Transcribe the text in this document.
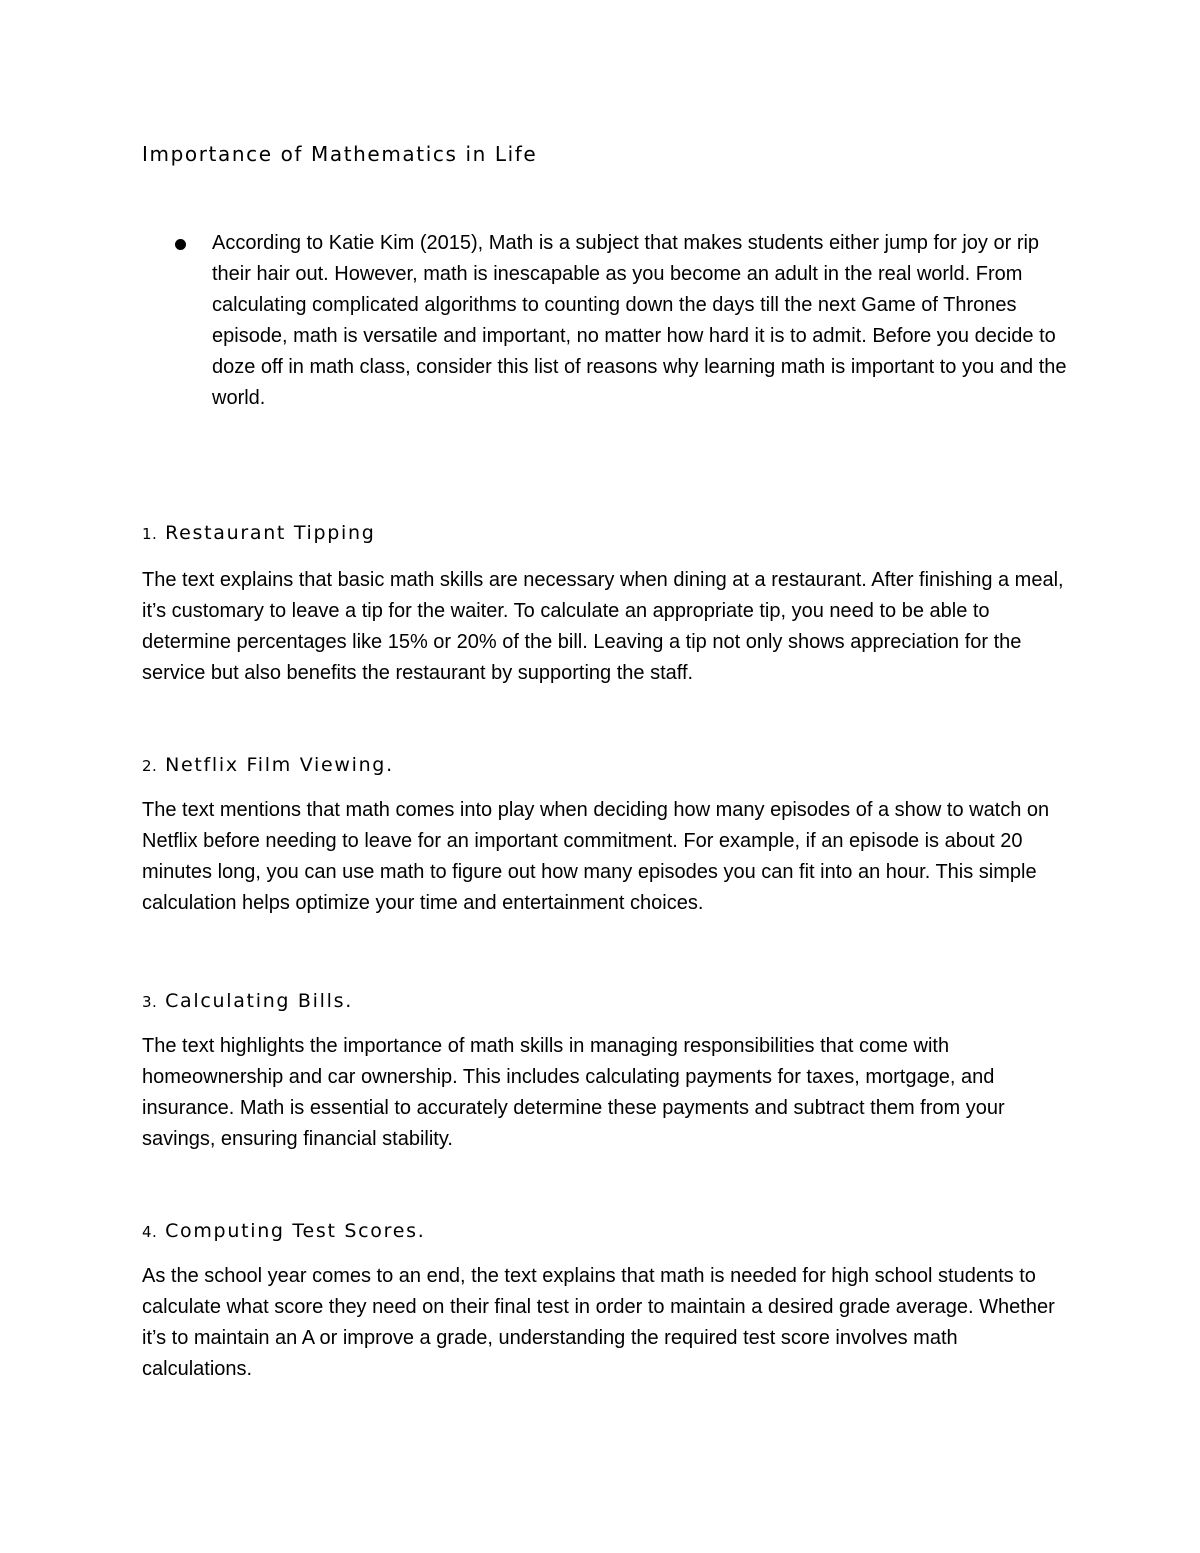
Importance of Mathematics in Life

According to Katie Kim (2015), Math is a subject that makes students either jump for joy or rip their hair out. However, math is inescapable as you become an adult in the real world. From calculating complicated algorithms to counting down the days till the next Game of Thrones episode, math is versatile and important, no matter how hard it is to admit. Before you decide to doze off in math class, consider this list of reasons why learning math is important to you and the world.

1. Restaurant Tipping

The text explains that basic math skills are necessary when dining at a restaurant. After finishing a meal, it’s customary to leave a tip for the waiter. To calculate an appropriate tip, you need to be able to determine percentages like 15% or 20% of the bill. Leaving a tip not only shows appreciation for the service but also benefits the restaurant by supporting the staff.

2. Netflix Film Viewing.

The text mentions that math comes into play when deciding how many episodes of a show to watch on Netflix before needing to leave for an important commitment. For example, if an episode is about 20 minutes long, you can use math to figure out how many episodes you can fit into an hour. This simple calculation helps optimize your time and entertainment choices.

3. Calculating Bills.

The text highlights the importance of math skills in managing responsibilities that come with homeownership and car ownership. This includes calculating payments for taxes, mortgage, and insurance. Math is essential to accurately determine these payments and subtract them from your savings, ensuring financial stability.

4. Computing Test Scores.

As the school year comes to an end, the text explains that math is needed for high school students to calculate what score they need on their final test in order to maintain a desired grade average. Whether it’s to maintain an A or improve a grade, understanding the required test score involves math calculations.
